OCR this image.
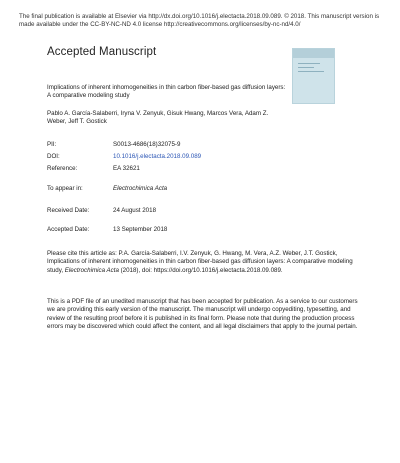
The final publication is available at Elsevier via http://dx.doi.org/10.1016/j.electacta.2018.09.089. © 2018. This manuscript version is made available under the CC-BY-NC-ND 4.0 license http://creativecommons.org/licenses/by-nc-nd/4.0/
Accepted Manuscript
Implications of inherent inhomogeneities in thin carbon fiber-based gas diffusion layers: A comparative modeling study
Pablo A. García-Salaberri, Iryna V. Zenyuk, Gisuk Hwang, Marcos Vera, Adam Z. Weber, Jeff T. Gostick
PII:	S0013-4686(18)32075-9
DOI:	10.1016/j.electacta.2018.09.089
Reference:	EA 32621
To appear in:	Electrochimica Acta
Received Date:	24 August 2018
Accepted Date:	13 September 2018
Please cite this article as: P.A. García-Salaberri, I.V. Zenyuk, G. Hwang, M. Vera, A.Z. Weber, J.T. Gostick, Implications of inherent inhomogeneities in thin carbon fiber-based gas diffusion layers: A comparative modeling study, Electrochimica Acta (2018), doi: https://doi.org/10.1016/j.electacta.2018.09.089.
This is a PDF file of an unedited manuscript that has been accepted for publication. As a service to our customers we are providing this early version of the manuscript. The manuscript will undergo copyediting, typesetting, and review of the resulting proof before it is published in its final form. Please note that during the production process errors may be discovered which could affect the content, and all legal disclaimers that apply to the journal pertain.
